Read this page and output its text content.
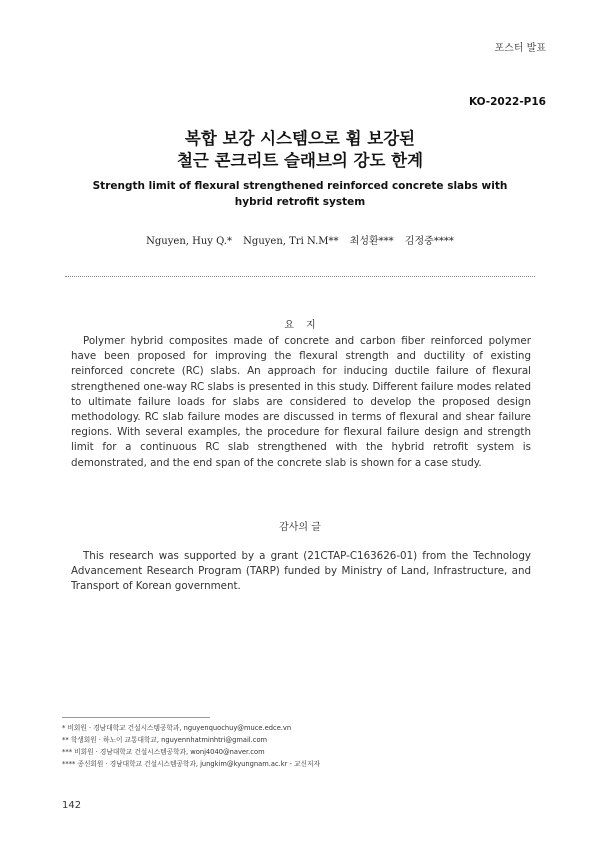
포스터 발표
KO-2022-P16
복합 보강 시스템으로 휨 보강된
철근 콘크리트 슬래브의 강도 한계
Strength limit of flexural strengthened reinforced concrete slabs with
hybrid retrofit system
Nguyen, Huy Q.* Nguyen, Tri N.M** 최성환*** 김정중****
요지

Polymer hybrid composites made of concrete and carbon fiber reinforced polymer have been proposed for improving the flexural strength and ductility of existing reinforced concrete (RC) slabs. An approach for inducing ductile failure of flexural strengthened one-way RC slabs is presented in this study. Different failure modes related to ultimate failure loads for slabs are considered to develop the proposed design methodology. RC slab failure modes are discussed in terms of flexural and shear failure regions. With several examples, the procedure for flexural failure design and strength limit for a continuous RC slab strengthened with the hybrid retrofit system is demonstrated, and the end span of the concrete slab is shown for a case study.

감사의 글

This research was supported by a grant (21CTAP-C163626-01) from the Technology Advancement Research Program (TARP) funded by Ministry of Land, Infrastructure, and Transport of Korean government.

* 비회원 · 경남대학교 건설시스템공학과, nguyenquochuy@muce.edce.vn
** 학생회원 · 하노이 교통대학교, nguyennhatminhtri@gmail.com
*** 비회원 · 경남대학교 건설시스템공학과, wonj4040@naver.com
**** 종신회원 · 경남대학교 건설시스템공학과, jungkim@kyungnam.ac.kr - 교신저자
142
